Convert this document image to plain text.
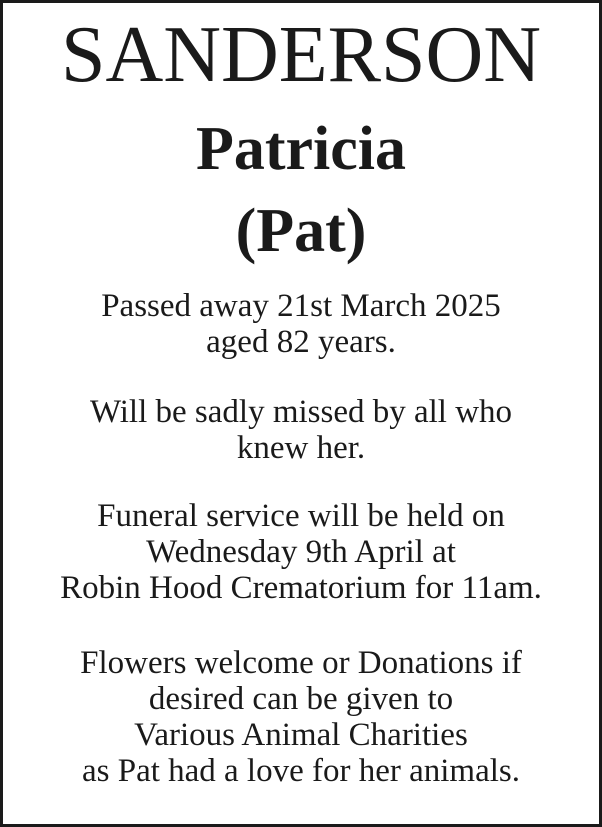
SANDERSON
Patricia
(Pat)

Passed away 21st March 2025
aged 82 years.

Will be sadly missed by all who
knew her.

Funeral service will be held on
Wednesday 9th April at
Robin Hood Crematorium for 11am.

Flowers welcome or Donations if
desired can be given to
Various Animal Charities
as Pat had a love for her animals.
